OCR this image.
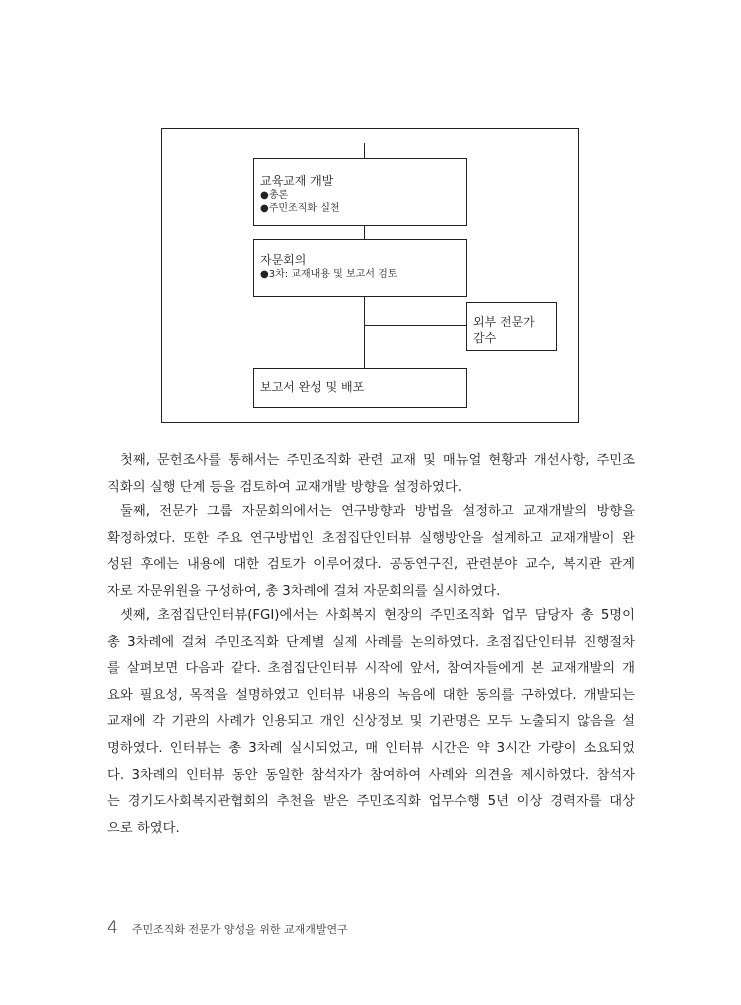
교육교재 개발
●총론
●주민조직화 실천
자문회의
●3차: 교재내용 및 보고서 검토
외부 전문가
감수
보고서 완성 및 배포
첫째, 문헌조사를 통해서는 주민조직화 관련 교재 및 매뉴얼 현황과 개선사항, 주민조
직화의 실행 단계 등을 검토하여 교재개발 방향을 설정하였다.
둘째, 전문가 그룹 자문회의에서는 연구방향과 방법을 설정하고 교재개발의 방향을
확정하였다. 또한 주요 연구방법인 초점집단인터뷰 실행방안을 설계하고 교재개발이 완
성된 후에는 내용에 대한 검토가 이루어졌다. 공동연구진, 관련분야 교수, 복지관 관계
자로 자문위원을 구성하여, 총 3차례에 걸쳐 자문회의를 실시하였다.
셋째, 초점집단인터뷰(FGI)에서는 사회복지 현장의 주민조직화 업무 담당자 총 5명이
총 3차례에 걸쳐 주민조직화 단계별 실제 사례를 논의하였다. 초점집단인터뷰 진행절차
를 살펴보면 다음과 같다. 초점집단인터뷰 시작에 앞서, 참여자들에게 본 교재개발의 개
요와 필요성, 목적을 설명하였고 인터뷰 내용의 녹음에 대한 동의를 구하였다. 개발되는
교재에 각 기관의 사례가 인용되고 개인 신상정보 및 기관명은 모두 노출되지 않음을 설
명하였다. 인터뷰는 총 3차례 실시되었고, 매 인터뷰 시간은 약 3시간 가량이 소요되었
다. 3차례의 인터뷰 동안 동일한 참석자가 참여하여 사례와 의견을 제시하였다. 참석자
는 경기도사회복지관협회의 추천을 받은 주민조직화 업무수행 5년 이상 경력자를 대상
으로 하였다.
4 주민조직화 전문가 양성을 위한 교재개발연구
